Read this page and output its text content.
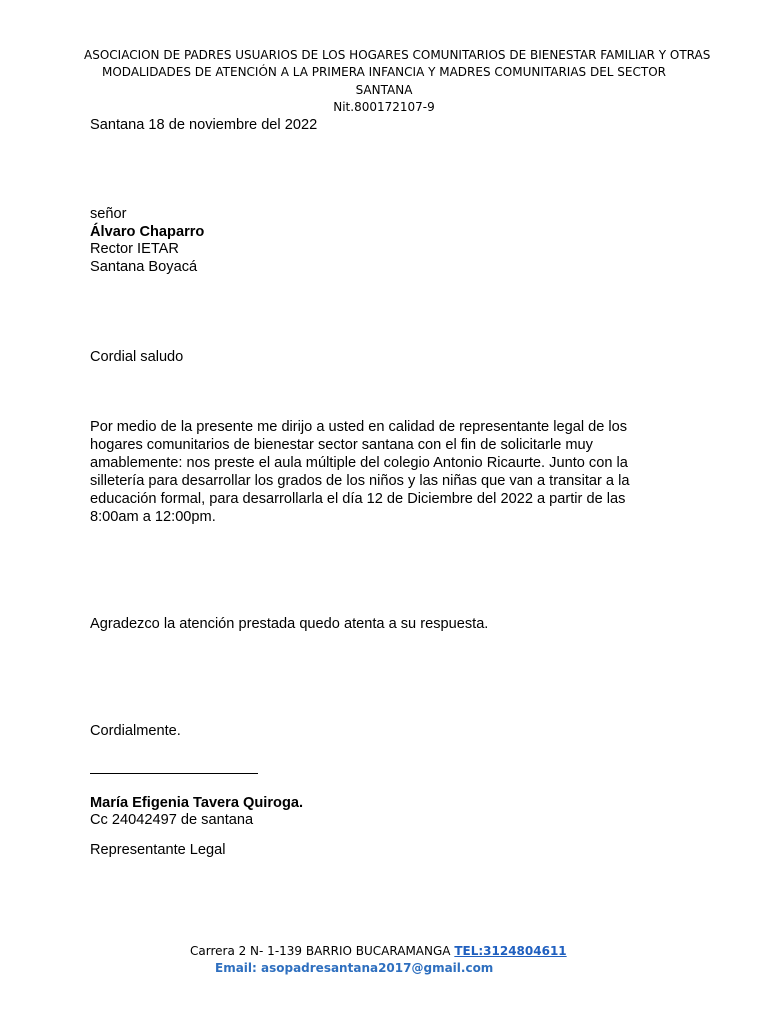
ASOCIACION DE PADRES USUARIOS DE LOS HOGARES COMUNITARIOS DE BIENESTAR FAMILIAR Y OTRAS
MODALIDADES DE ATENCIÓN A LA PRIMERA INFANCIA Y MADRES COMUNITARIAS DEL SECTOR
SANTANA
Nit.800172107-9
Santana 18 de noviembre del 2022
señor
Álvaro Chaparro
Rector IETAR
Santana Boyacá
Cordial saludo
Por medio de la presente me dirijo a usted en calidad de representante legal de los
hogares comunitarios de bienestar sector santana con el fin de solicitarle muy
amablemente: nos preste el aula múltiple del colegio Antonio Ricaurte. Junto con la
silletería para desarrollar los grados de los niños y las niñas que van a transitar a la
educación formal, para desarrollarla el día 12 de Diciembre del 2022 a partir de las
8:00am a 12:00pm.
Agradezco la atención prestada quedo atenta a su respuesta.
Cordialmente.
María Efigenia Tavera Quiroga.
Cc 24042497 de santana
Representante Legal
Carrera 2 N- 1-139 BARRIO BUCARAMANGA TEL:3124804611
Email: asopadresantana2017@gmail.com
